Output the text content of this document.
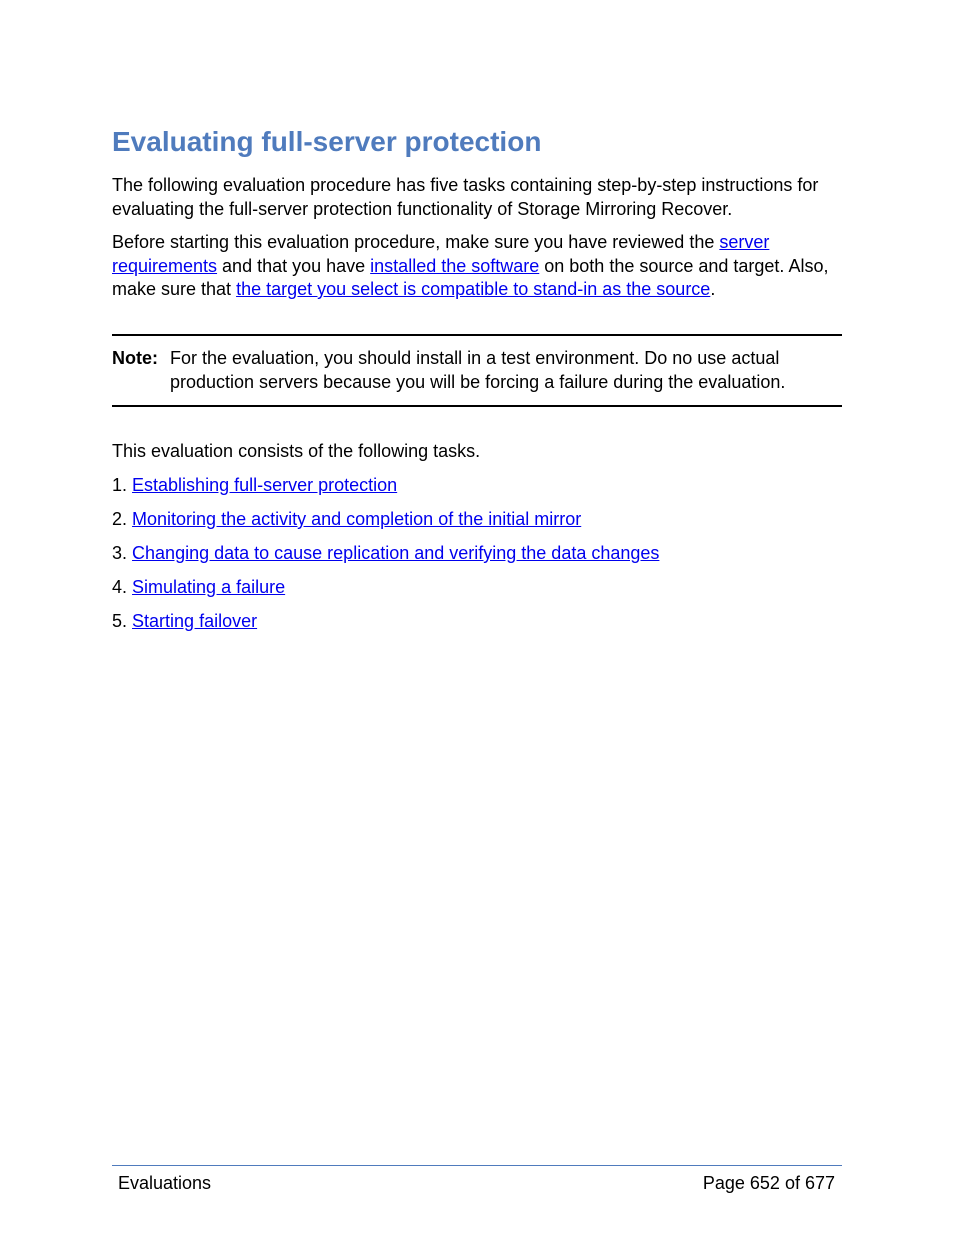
Evaluating full-server protection

The following evaluation procedure has five tasks containing step-by-step instructions for evaluating the full-server protection functionality of Storage Mirroring Recover.

Before starting this evaluation procedure, make sure you have reviewed the server requirements and that you have installed the software on both the source and target. Also, make sure that the target you select is compatible to stand-in as the source.

Note: For the evaluation, you should install in a test environment. Do no use actual production servers because you will be forcing a failure during the evaluation.

This evaluation consists of the following tasks.

1. Establishing full-server protection
2. Monitoring the activity and completion of the initial mirror
3. Changing data to cause replication and verifying the data changes
4. Simulating a failure
5. Starting failover
Evaluations	Page 652 of 677
